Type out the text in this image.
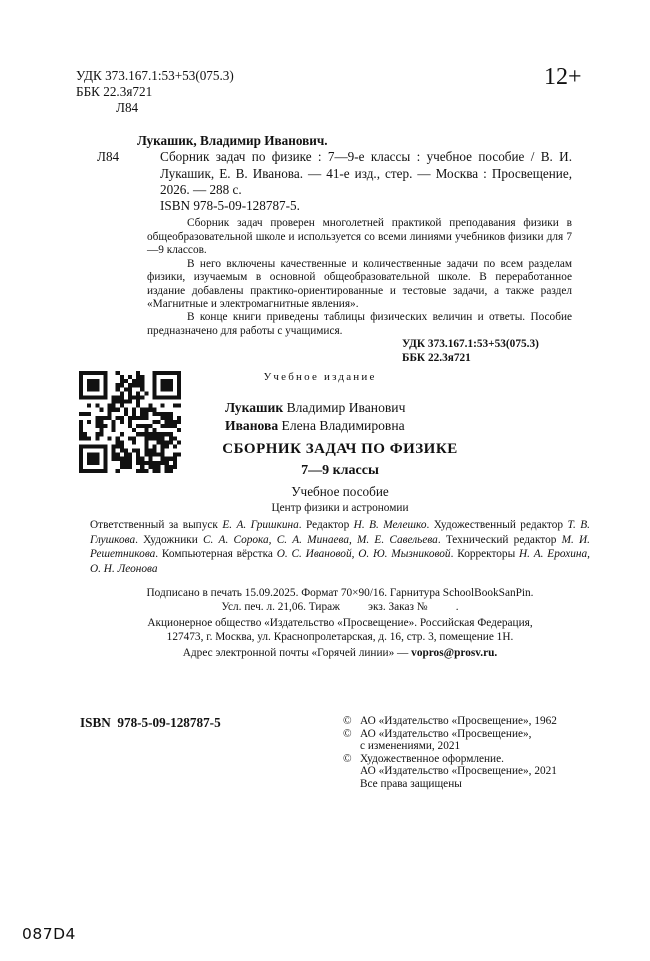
УДК 373.167.1:53+53(075.3)
ББК 22.3я721
Л84
12+
Лукашик, Владимир Иванович.
Л84	Сборник задач по физике : 7—9-е классы : учебное пособие / В. И. Лукашик, Е. В. Иванова. — 41-е изд., стер. — Москва : Просвещение, 2026. — 288 с.
ISBN 978-5-09-128787-5.

Сборник задач проверен многолетней практикой преподавания физики в общеобразовательной школе и используется со всеми линиями учебников физики для 7—9 классов.

В него включены качественные и количественные задачи по всем разделам физики, изучаемым в основной общеобразовательной школе. В переработанное издание добавлены практико-ориентированные и тестовые задачи, а также раздел «Магнитные и электромагнитные явления».

В конце книги приведены таблицы физических величин и ответы. Пособие предназначено для работы с учащимися.

УДК 373.167.1:53+53(075.3)
ББК 22.3я721
Учебное издание
Лукашик Владимир Иванович
Иванова Елена Владимировна
СБОРНИК ЗАДАЧ ПО ФИЗИКЕ
7—9 классы
Учебное пособие
Центр физики и астрономии
Ответственный за выпуск Е. А. Гришкина. Редактор Н. В. Мелешко. Художественный редактор Т. В. Глушкова. Художники С. А. Сорока, С. А. Минаева, М. Е. Савельева. Технический редактор М. И. Решетникова. Компьютерная вёрстка О. С. Ивановой, О. Ю. Мызниковой. Корректоры Н. А. Ерохина, О. Н. Леонова
Подписано в печать 15.09.2025. Формат 70×90/16. Гарнитура SchoolBookSanPin.
Усл. печ. л. 21,06. Тираж          экз. Заказ №          .
Акционерное общество «Издательство «Просвещение». Российская Федерация,
127473, г. Москва, ул. Краснопролетарская, д. 16, стр. 3, помещение 1Н.
Адрес электронной почты «Горячей линии» — vopros@prosv.ru.
ISBN  978-5-09-128787-5	© АО «Издательство «Просвещение», 1962
© АО «Издательство «Просвещение»,
с изменениями, 2021
© Художественное оформление.
АО «Издательство «Просвещение», 2021
Все права защищены
087D4
